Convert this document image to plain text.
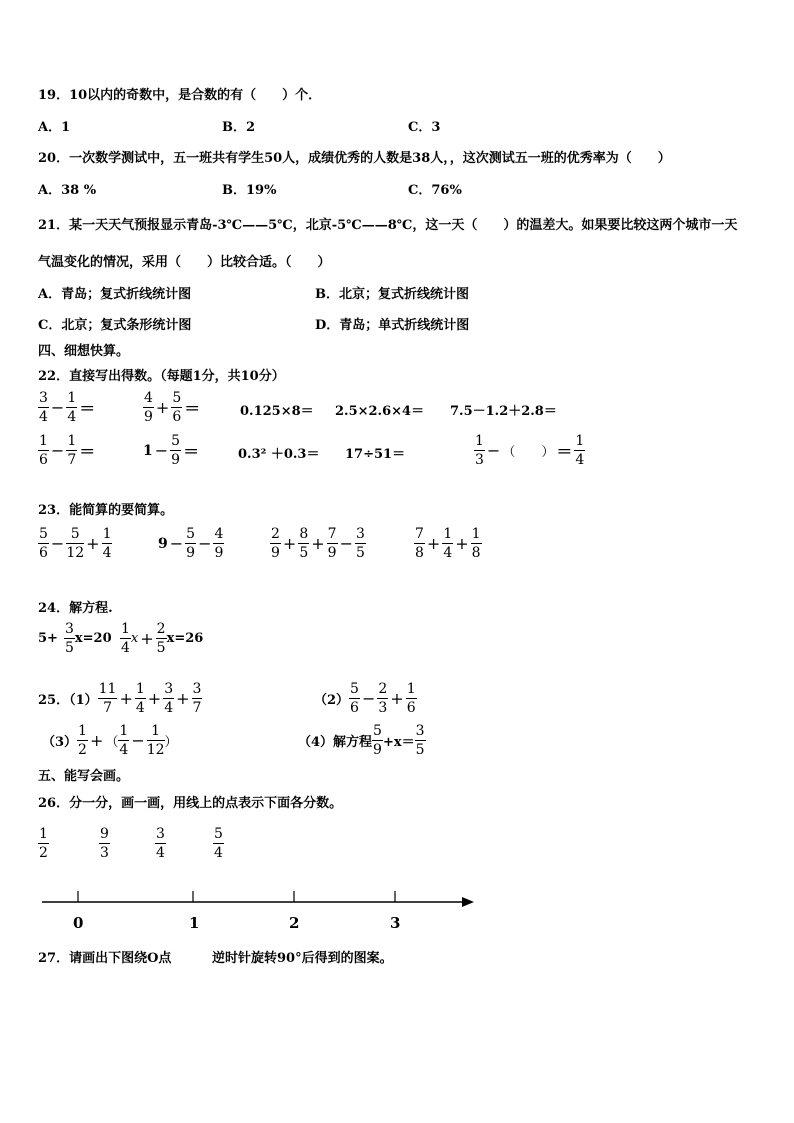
19．10以内的奇数中，是合数的有（　　）个．
A．1	B．2	C．3
20．一次数学测试中，五一班共有学生50人，成绩优秀的人数是38人，，这次测试五一班的优秀率为（　　）
A．38 %	B．19%	C．76%
21．某一天天气预报显示青岛-3℃——5℃，北京-5℃——8℃，这一天（　　）的温差大。如果要比较这两个城市一天
气温变化的情况，采用（　　）比较合适。（　　）
A．青岛；复式折线统计图	B．北京；复式折线统计图
C．北京；复式条形统计图	D．青岛；单式折线统计图
四、细想快算。
22．直接写出得数。（每题1分，共10分）
$\frac{3}{4} - \frac{1}{4}$ ＝	$\frac{4}{9} + \frac{5}{6}$ ＝	0.125×8＝ 2.5×2.6×4＝ 7.5－1.2＋2.8＝
$\frac{1}{6} - \frac{1}{7}$ ＝	$1 - \frac{5}{9}$ ＝	0.3² ＋0.3＝ 17÷51＝	$\frac{1}{3}$ − （　　） ＝ $\frac{1}{4}$
23．能简算的要简算。
$\frac{5}{6} - \frac{5}{12} + \frac{1}{4}$	$9 - \frac{5}{9} - \frac{4}{9}$	$\frac{2}{9} + \frac{8}{5} + \frac{7}{9} - \frac{3}{5}$	$\frac{7}{8} + \frac{1}{4} + \frac{1}{8}$
24．解方程.
$5+ \frac{3}{5} x=20 \frac{1}{4}$ $x + \frac{2}{5} x=26$
25．$(1) \frac{11}{7} + \frac{1}{4} + \frac{3}{4} + \frac{3}{7}$	$(2) \frac{5}{6} - \frac{2}{3} + \frac{1}{6}$
$(3) \frac{1}{2}$ + （ $\frac{1}{4} - \frac{1}{12}$ ）	（4）解方程 $\frac{5}{9} +x= \frac{3}{5}$
五、能写会画。
26．分一分，画一画，用线上的点表示下面各分数。
$\frac{1}{2}$	$\frac{9}{3}$	$\frac{3}{4}$	$\frac{5}{4}$
0	1	2	3
27．请画出下图绕O点	逆时针旋转90°后得到的图案。
